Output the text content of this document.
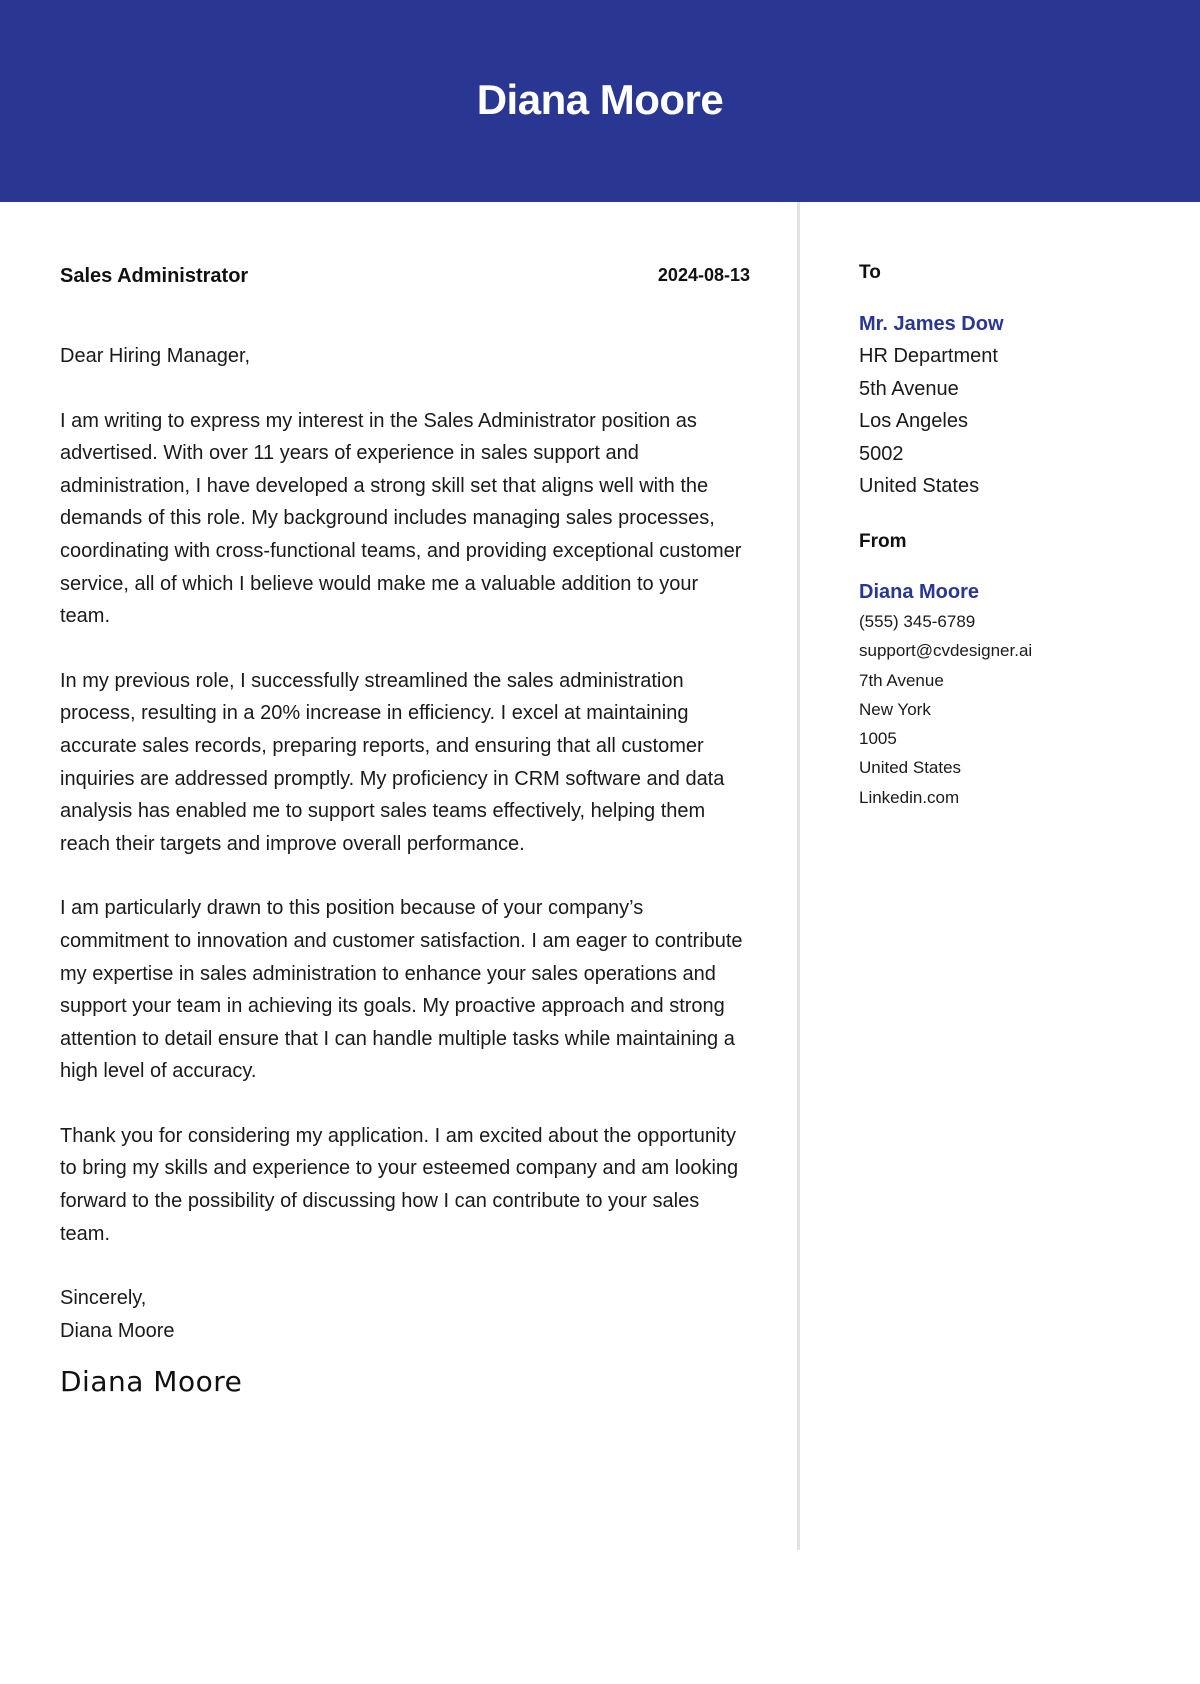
Diana Moore
Sales Administrator	2024-08-13
Dear Hiring Manager,
I am writing to express my interest in the Sales Administrator position as advertised. With over 11 years of experience in sales support and administration, I have developed a strong skill set that aligns well with the demands of this role. My background includes managing sales processes, coordinating with cross-functional teams, and providing exceptional customer service, all of which I believe would make me a valuable addition to your team.
In my previous role, I successfully streamlined the sales administration process, resulting in a 20% increase in efficiency. I excel at maintaining accurate sales records, preparing reports, and ensuring that all customer inquiries are addressed promptly. My proficiency in CRM software and data analysis has enabled me to support sales teams effectively, helping them reach their targets and improve overall performance.
I am particularly drawn to this position because of your company’s commitment to innovation and customer satisfaction. I am eager to contribute my expertise in sales administration to enhance your sales operations and support your team in achieving its goals. My proactive approach and strong attention to detail ensure that I can handle multiple tasks while maintaining a high level of accuracy.
Thank you for considering my application. I am excited about the opportunity to bring my skills and experience to your esteemed company and am looking forward to the possibility of discussing how I can contribute to your sales team.
Sincerely,
Diana Moore
Diana Moore
To
Mr. James Dow
HR Department
5th Avenue
Los Angeles
5002
United States
From
Diana Moore
(555) 345-6789
support@cvdesigner.ai
7th Avenue
New York
1005
United States
Linkedin.com
